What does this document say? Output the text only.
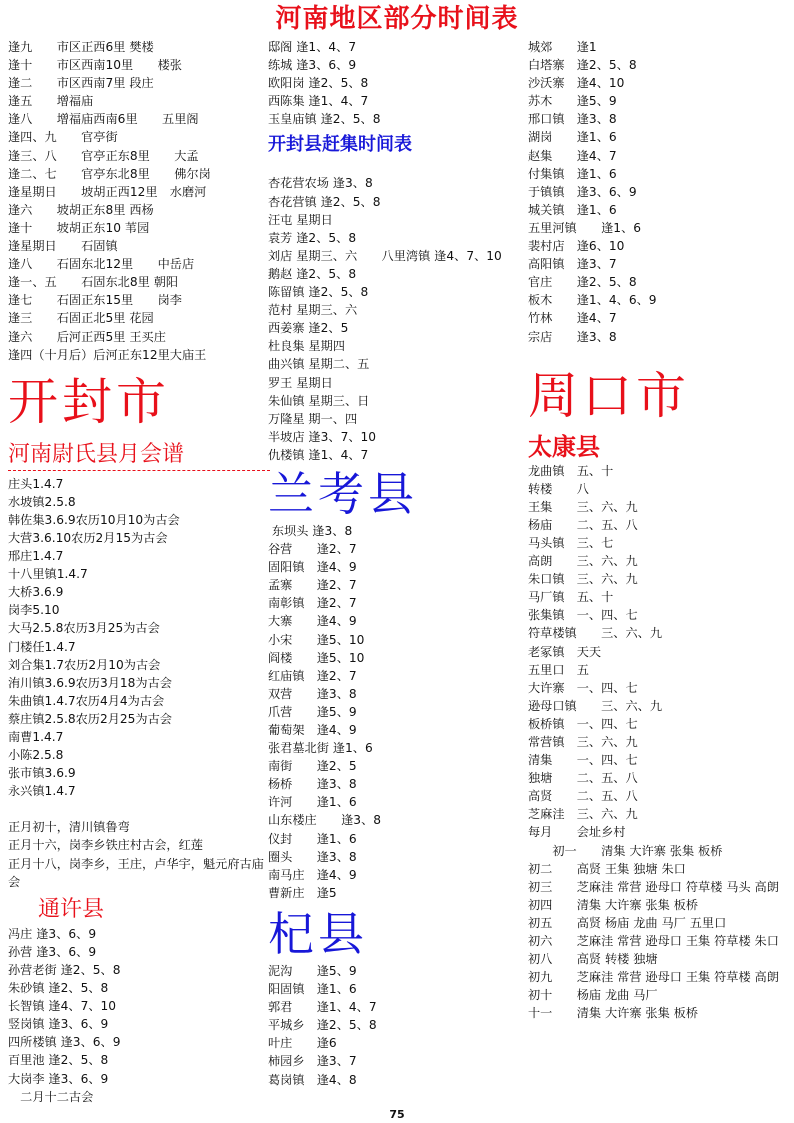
河南地区部分时间表
逢九　　市区正西6里 樊楼
逢十　　市区西南10里　　楼张
逢二　　市区西南7里 段庄
逢五　　增福庙
逢八　　增福庙西南6里　　五里阁
逢四、九　　官亭街
逢三、八　　官亭正东8里　　大孟
逢二、七　　官亭东北8里　　佛尔岗
逢星期日　　坡胡正西12里　水磨河
逢六　　坡胡正东8里 西杨
逢十　　坡胡正东10 苇园
逢星期日　　石固镇
逢八　　石固东北12里　　中岳店
逢一、五　　石固东北8里 朝阳
逢七　　石固正东15里　　岗李
逢三　　石固正北5里 花园
逢六　　后河正西5里 王买庄
逢四（十月后）后河正东12里大庙王
开封市
河南尉氏县月会谱
庄头1.4.7
水坡镇2.5.8
韩佐集3.6.9农历10月10为古会
大营3.6.10农历2月15为古会
邢庄1.4.7
十八里镇1.4.7
大桥3.6.9
岗李5.10
大马2.5.8农历3月25为古会
门楼任1.4.7
刘合集1.7农历2月10为古会
洧川镇3.6.9农历3月18为古会
朱曲镇1.4.7农历4月4为古会
蔡庄镇2.5.8农历2月25为古会
南曹1.4.7
小陈2.5.8
张市镇3.6.9
永兴镇1.4.7
正月初十，清川镇鲁弯
正月十六，岗李乡铁庄村古会，红莲
正月十八，岗李乡，王庄，卢华宇，魁元府古庙会
通许县
冯庄 逢3、6、9
孙营 逢3、6、9
孙营老街 逢2、5、8
朱砂镇 逢2、5、8
长智镇 逢4、7、10
竖岗镇 逢3、6、9
四所楼镇 逢3、6、9
百里池 逢2、5、8
大岗李 逢3、6、9
　二月十二古会
邸阁 逢1、4、7
练城 逢3、6、9
欧阳岗 逢2、5、8
西陈集 逢1、4、7
玉皇庙镇 逢2、5、8
开封县赶集时间表
杏花营农场 逢3、8
杏花营镇 逢2、5、8
汪屯 星期日
袁芳 逢2、5、8
刘店 星期三、六　　八里湾镇 逢4、7、10
鹅赵 逢2、5、8
陈留镇 逢2、5、8
范村 星期三、六
西姜寨 逢2、5
杜良集 星期四
曲兴镇 星期二、五
罗王 星期日
朱仙镇 星期三、日
万隆星 期一、四
半坡店 逢3、7、10
仇楼镇 逢1、4、7
兰考县
东坝头 逢3、8
谷营　　逢2、7
固阳镇　逢4、9
孟寨　　逢2、7
南彰镇　逢2、7
大寨　　逢4、9
小宋　　逢5、10
阎楼　　逢5、10
红庙镇　逢2、7
双营　　逢3、8
爪营　　逢5、9
葡萄架　逢4、9
张君墓北街 逢1、6
南街　　逢2、5
杨桥　　逢3、8
许河　　逢1、6
山东楼庄　　逢3、8
仪封　　逢1、6
圈头　　逢3、8
南马庄　逢4、9
曹新庄　逢5
杞县
泥沟　　逢5、9
阳固镇　逢1、6
郭君　　逢1、4、7
平城乡　逢2、5、8
叶庄　　逢6
柿园乡　逢3、7
葛岗镇　逢4、8
城郊　　逢1
白塔寨　逢2、5、8
沙沃寨　逢4、10
苏木　　逢5、9
邢口镇　逢3、8
湖岗　　逢1、6
赵集　　逢4、7
付集镇　逢1、6
于镇镇　逢3、6、9
城关镇　逢1、6
五里河镇　　逢1、6
裴村店　逢6、10
高阳镇　逢3、7
官庄　　逢2、5、8
板木　　逢1、4、6、9
竹林　　逢4、7
宗店　　逢3、8
周口市
太康县
龙曲镇　五、十
转楼　　八
王集　　三、六、九
杨庙　　二、五、八
马头镇　三、七
高朗　　三、六、九
朱口镇　三、六、九
马厂镇　五、十
张集镇　一、四、七
符草楼镇　　三、六、九
老冢镇　天天
五里口　五
大许寨　一、四、七
逊母口镇　　三、六、九
板桥镇　一、四、七
常营镇　三、六、九
清集　　一、四、七
独塘　　二、五、八
高贤　　二、五、八
芝麻洼　三、六、九
每月　　会址乡村
　　初一　　清集 大许寨 张集 板桥
初二　　高贤 王集 独塘 朱口
初三　　芝麻洼 常营 逊母口 符草楼 马头 高朗
初四　　清集 大许寨 张集 板桥
初五　　高贤 杨庙 龙曲 马厂 五里口
初六　　芝麻洼 常营 逊母口 王集 符草楼 朱口
初八　　高贤 转楼 独塘
初九　　芝麻洼 常营 逊母口 王集 符草楼 高朗
初十　　杨庙 龙曲 马厂
十一　　清集 大许寨 张集 板桥
75
